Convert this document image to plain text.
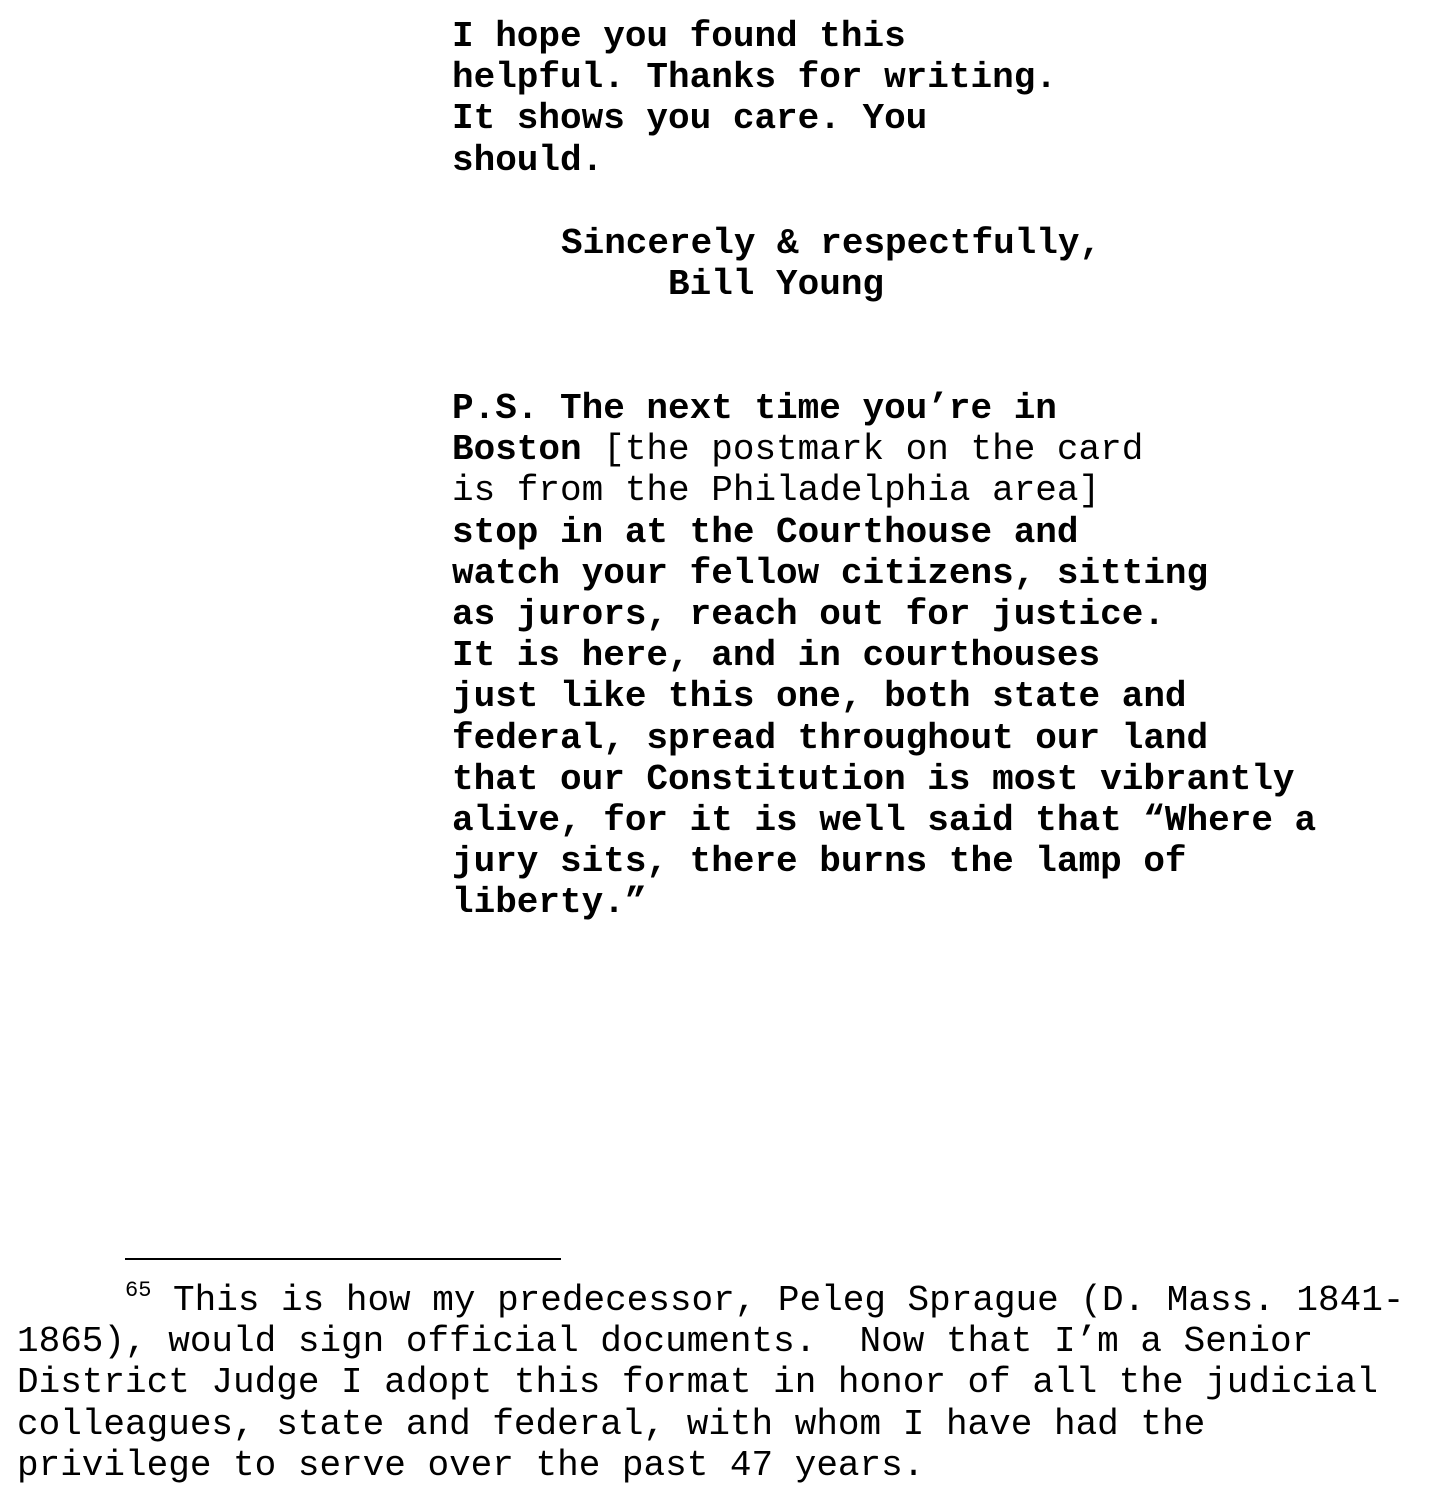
I hope you found this
helpful. Thanks for writing.
It shows you care. You
should.
Sincerely & respectfully,
Bill Young
P.S. The next time you’re in
Boston [the postmark on the card
is from the Philadelphia area]
stop in at the Courthouse and
watch your fellow citizens, sitting
as jurors, reach out for justice.
It is here, and in courthouses
just like this one, both state and
federal, spread throughout our land
that our Constitution is most vibrantly
alive, for it is well said that “Where a
jury sits, there burns the lamp of
liberty.”
$^{65}$ This is how my predecessor, Peleg Sprague (D. Mass. 1841-
1865), would sign official documents.  Now that I’m a Senior
District Judge I adopt this format in honor of all the judicial
colleagues, state and federal, with whom I have had the
privilege to serve over the past 47 years.
